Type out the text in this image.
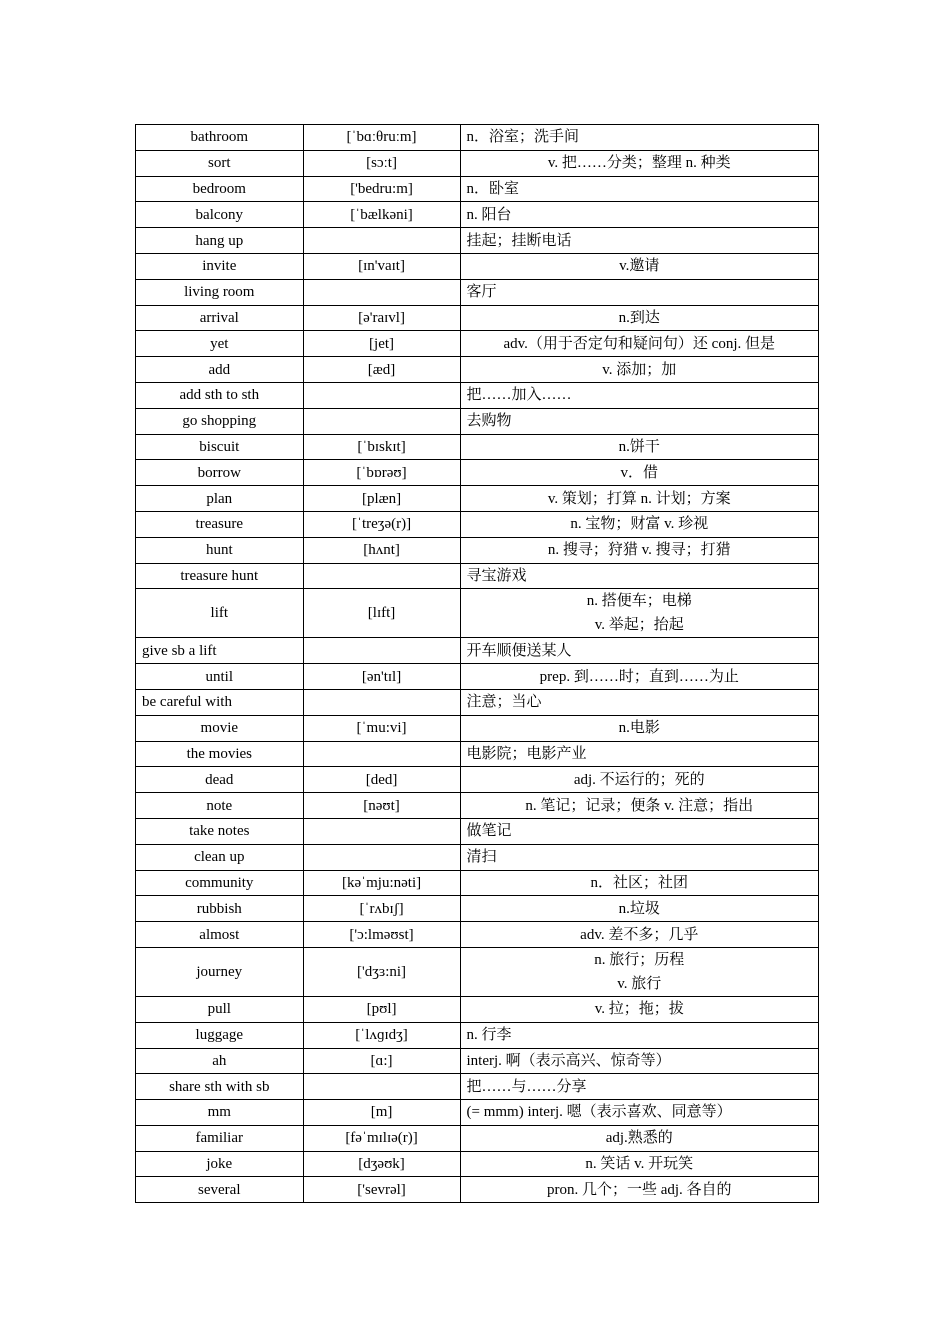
bathroom	[ˈbɑːθruːm]	n．浴室；洗手间

sort	[sɔːt]	v. 把……分类；整理 n. 种类

bedroom	['bedru:m]	n．卧室

balcony	[ˈbælkəni]	n. 阳台

hang up		挂起；挂断电话

invite	[ɪn'vaɪt]	v.邀请

living room		客厅

arrival	[ə'raɪvl]	n.到达

yet	[jet]	adv.（用于否定句和疑问句）还 conj. 但是

add	[æd]	v. 添加；加

add sth to sth		把……加入……

go shopping		去购物

biscuit	[ˈbɪskɪt]	n.饼干

borrow	[ˈbɒrəʊ]	v．借

plan	[plæn]	v. 策划；打算 n. 计划；方案

treasure	[ˈtreʒə(r)]	n. 宝物；财富 v. 珍视

hunt	[hʌnt]	n. 搜寻；狩猎 v. 搜寻；打猎

treasure hunt		寻宝游戏

lift	[lɪft]	n. 搭便车；电梯
v. 举起；抬起

give sb a lift		开车顺便送某人

until	[ən'tɪl]	prep. 到……时；直到……为止

be careful with		注意；当心

movie	[ˈmu:vi]	n.电影

the movies		电影院；电影产业

dead	[ded]	adj. 不运行的；死的

note	[nəʊt]	n. 笔记；记录；便条 v. 注意；指出

take notes		做笔记

clean up		清扫

community	[kəˈmju:nəti]	n．社区；社团

rubbish	[ˈrʌbɪʃ]	n.垃圾

almost	['ɔ:lməʊst]	adv. 差不多；几乎

journey	['dʒɜ:ni]	n. 旅行；历程
v. 旅行

pull	[pʊl]	v. 拉；拖；拔

luggage	[ˈlʌɡɪdʒ]	n. 行李

ah	[ɑ:]	interj. 啊（表示高兴、惊奇等）

share sth with sb		把……与……分享

mm	[m]	(= mmm) interj. 嗯（表示喜欢、同意等）

familiar	[fəˈmɪlɪə(r)]	adj.熟悉的

joke	[dʒəʊk]	n. 笑话 v. 开玩笑

several	['sevrəl]	pron. 几个；一些 adj. 各自的
